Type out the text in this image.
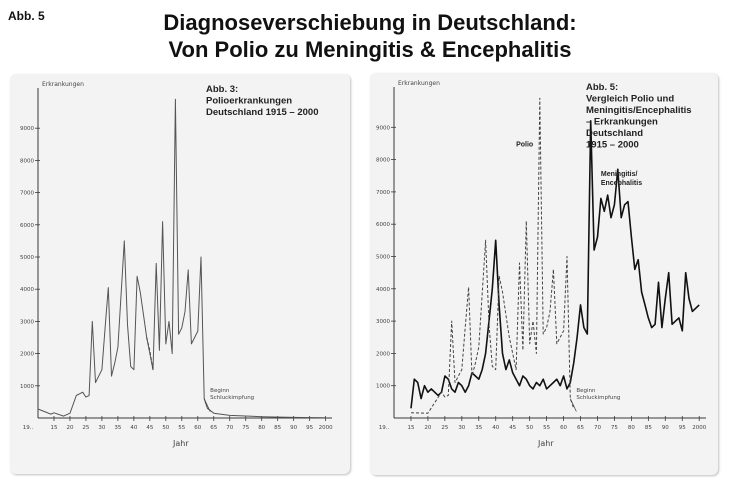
Abb. 5	Diagnoseverschiebung in Deutschland:
Von Polio zu Meningitis & Encephalitis
1000
2000
3000
4000
5000
6000
7000
8000
9000
15 20 25 30 35 40 45 50 55 60 65 70 75 80 85 90 95 2000
19..
Erkrankungen
Jahr
Beginn
Schluckimpfung
Abb. 3:
Polioerkrankungen
Deutschland 1915 – 2000
1000
2000
3000
4000
5000
6000
7000
8000
9000
15 20 25 30 35 40 45 50 55 60 65 70 75 80 85 90 95 2000
19..
Erkrankungen
Jahr
Beginn
Schluckimpfung
Abb. 5:
Vergleich Polio und
Meningitis/Encephalitis
– Erkrankungen
Deutschland
1915 – 2000
Polio
Meningitis/
Encephalitis
